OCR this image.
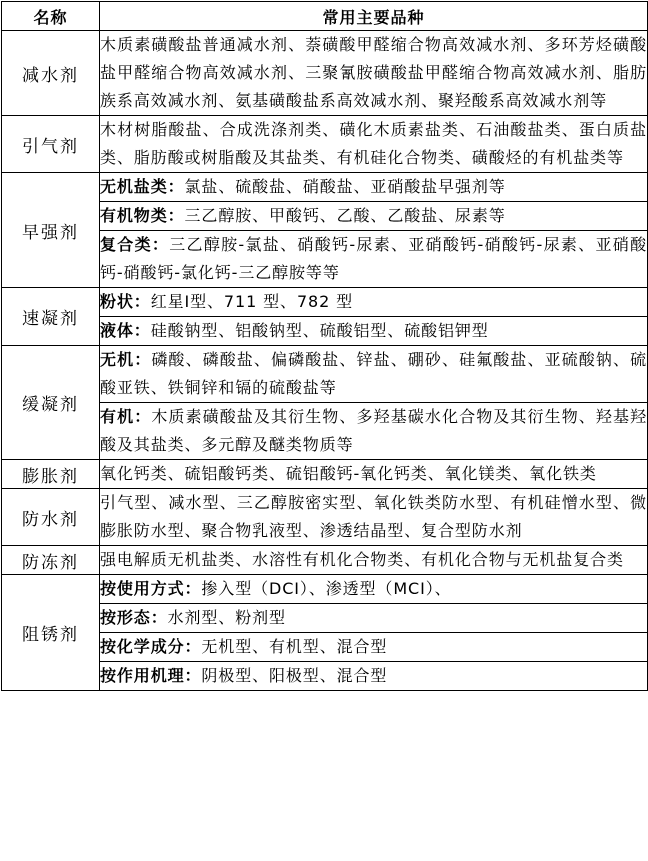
名称	常用主要品种
减水剂	木质素磺酸盐普通减水剂、萘磺酸甲醛缩合物高效减水剂、多环芳烃磺酸盐甲醛缩合物高效减水剂、三聚氰胺磺酸盐甲醛缩合物高效减水剂、脂肪族系高效减水剂、氨基磺酸盐系高效减水剂、聚羟酸系高效减水剂等
引气剂	木材树脂酸盐、合成洗涤剂类、磺化木质素盐类、石油酸盐类、蛋白质盐类、脂肪酸或树脂酸及其盐类、有机硅化合物类、磺酸烃的有机盐类等
早强剂	无机盐类：氯盐、硫酸盐、硝酸盐、亚硝酸盐早强剂等
	有机物类：三乙醇胺、甲酸钙、乙酸、乙酸盐、尿素等
	复合类：三乙醇胺-氯盐、硝酸钙-尿素、亚硝酸钙-硝酸钙-尿素、亚硝酸钙-硝酸钙-氯化钙-三乙醇胺等等
速凝剂	粉状：红星Ⅰ型、711 型、782 型
	液体：硅酸钠型、铝酸钠型、硫酸铝型、硫酸铝钾型
缓凝剂	无机：磷酸、磷酸盐、偏磷酸盐、锌盐、硼砂、硅氟酸盐、亚硫酸钠、硫酸亚铁、铁铜锌和镉的硫酸盐等
	有机：木质素磺酸盐及其衍生物、多羟基碳水化合物及其衍生物、羟基羟酸及其盐类、多元醇及醚类物质等
膨胀剂	氧化钙类、硫铝酸钙类、硫铝酸钙-氧化钙类、氧化镁类、氧化铁类
防水剂	引气型、减水型、三乙醇胺密实型、氧化铁类防水型、有机硅憎水型、微膨胀防水型、聚合物乳液型、渗透结晶型、复合型防水剂
防冻剂	强电解质无机盐类、水溶性有机化合物类、有机化合物与无机盐复合类
阻锈剂	按使用方式：掺入型（DCI）、渗透型（MCI）、
	按形态：水剂型、粉剂型
	按化学成分：无机型、有机型、混合型
	按作用机理：阴极型、阳极型、混合型
